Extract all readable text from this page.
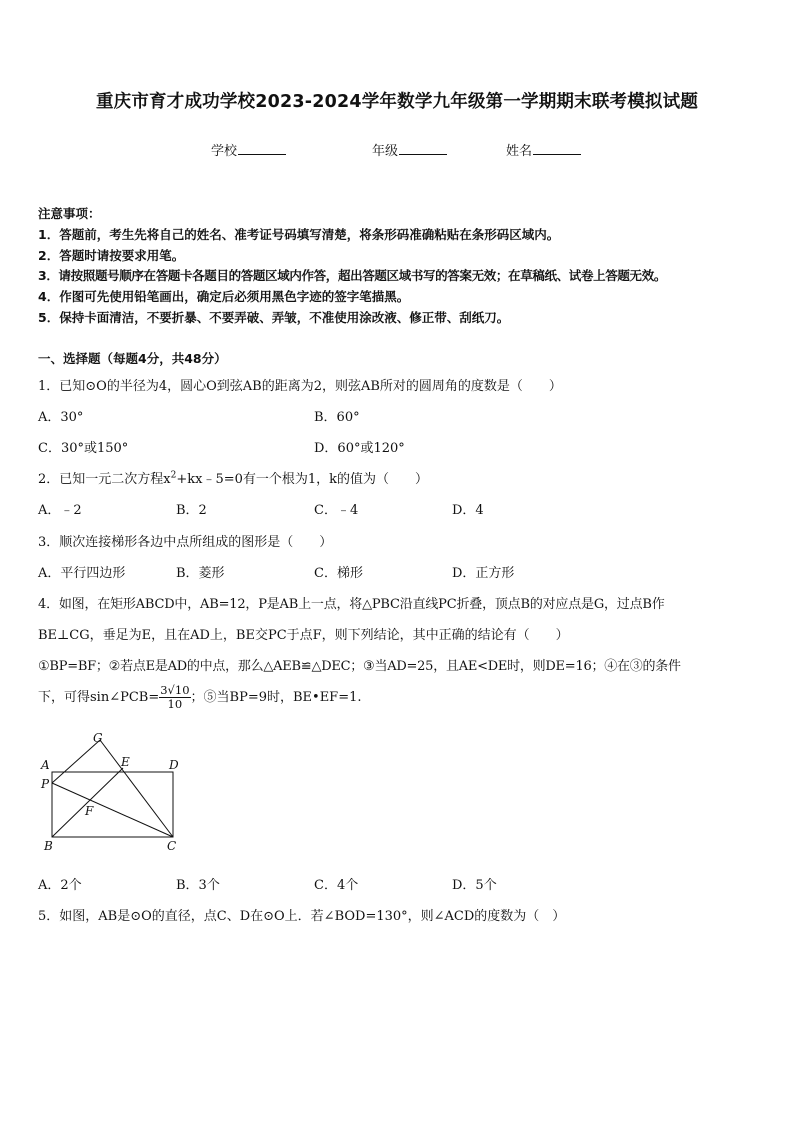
重庆市育才成功学校2023-2024学年数学九年级第一学期期末联考模拟试题
学校	年级	姓名
注意事项：
1．答题前，考生先将自己的姓名、准考证号码填写清楚，将条形码准确粘贴在条形码区域内。
2．答题时请按要求用笔。
3．请按照题号顺序在答题卡各题目的答题区域内作答，超出答题区域书写的答案无效；在草稿纸、试卷上答题无效。
4．作图可先使用铅笔画出，确定后必须用黑色字迹的签字笔描黑。
5．保持卡面清洁，不要折暴、不要弄破、弄皱，不准使用涂改液、修正带、刮纸刀。
一、选择题（每题4分，共48分）
1．已知⊙O的半径为4，圆心O到弦AB的距离为2，则弦AB所对的圆周角的度数是（　　）
A．30°	B．60°
C．30°或150°	D．60°或120°
2．已知一元二次方程$x^2+kx﹣5=0$有一个根为1，k的值为（　　）
A．﹣2	B．2	C．﹣4	D．4
3．顺次连接梯形各边中点所组成的图形是（　　）
A．平行四边形	B．菱形	C．梯形	D．正方形
4．如图，在矩形ABCD中，AB=12，P是AB上一点，将△PBC沿直线PC折叠，顶点B的对应点是G，过点B作
BE⊥CG，垂足为E，且在AD上，BE交PC于点F，则下列结论，其中正确的结论有（　　）
①BP=BF；②若点E是AD的中点，那么△AEB≌△DEC；③当AD=25，且AE<DE时，则DE=16；④在③的条件
下，可得sin∠PCB= $\frac{3√10}{10}$ ；⑤当BP=9时，BE•EF=1.
G
A	E	D
P
F
B	C
A．2个	B．3个	C．4个	D．5个
5．如图，AB是⊙O的直径，点C、D在⊙O上．若∠BOD=130°，则∠ACD的度数为（　）
